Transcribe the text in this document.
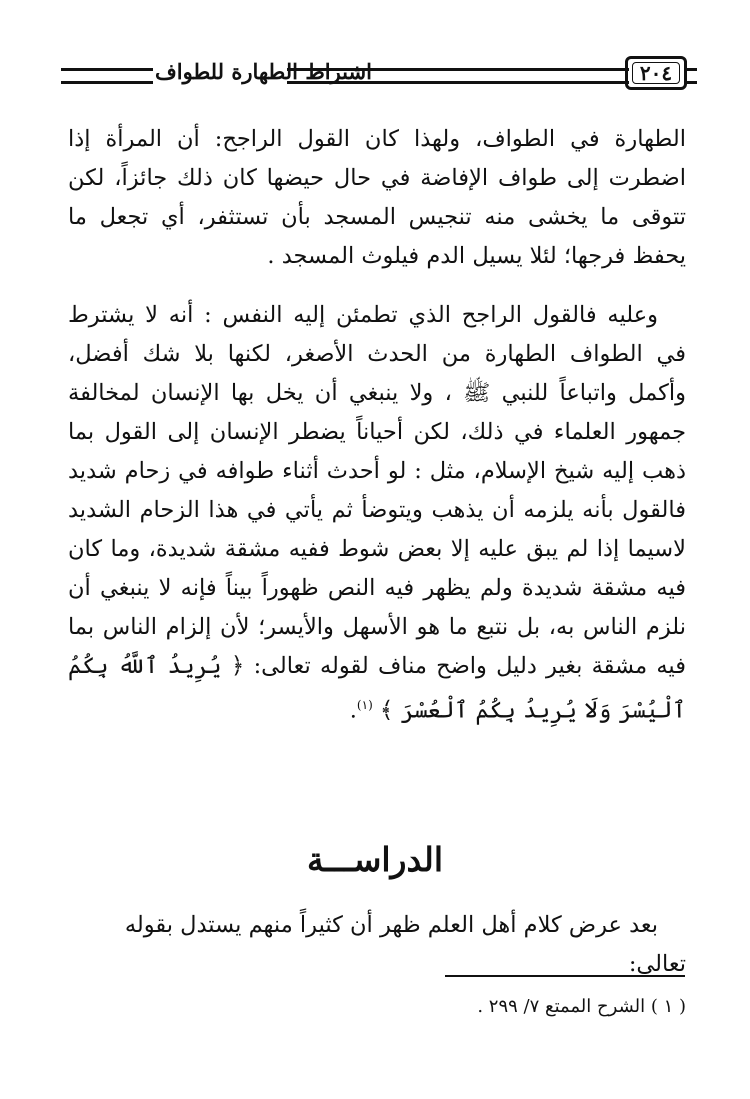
اشتراط الطهارة للطواف	٢٠٤

الطهارة في الطواف، ولهذا كان القول الراجح: أن المرأة إذا اضطرت إلى طواف الإفاضة في حال حيضها كان ذلك جائزاً، لكن تتوقى ما يخشى منه تنجيس المسجد بأن تستثفر، أي تجعل ما يحفظ فرجها؛ لئلا يسيل الدم فيلوث المسجد .

وعليه فالقول الراجح الذي تطمئن إليه النفس : أنه لا يشترط في الطواف الطهارة من الحدث الأصغر، لكنها بلا شك أفضل، وأكمل واتباعاً للنبي ﷺ ، ولا ينبغي أن يخل بها الإنسان لمخالفة جمهور العلماء في ذلك، لكن أحياناً يضطر الإنسان إلى القول بما ذهب إليه شيخ الإسلام، مثل : لو أحدث أثناء طوافه في زحام شديد فالقول بأنه يلزمه أن يذهب ويتوضأ ثم يأتي في هذا الزحام الشديد لاسيما إذا لم يبق عليه إلا بعض شوط ففيه مشقة شديدة، وما كان فيه مشقة شديدة ولم يظهر فيه النص ظهوراً بيناً فإنه لا ينبغي أن نلزم الناس به، بل نتبع ما هو الأسهل والأيسر؛ لأن إلزام الناس بما فيه مشقة بغير دليل واضح مناف لقوله تعالى: ﴿ يُرِيدُ ٱللَّهُ بِكُمُ ٱلْيُسْرَ وَلَا يُرِيدُ بِكُمُ ٱلْعُسْرَ ﴾ $^{(١)}$.

الدراســـة

بعد عرض كلام أهل العلم ظهر أن كثيراً منهم يستدل بقوله تعالى:

( ١ ) الشرح الممتع ٧/ ٢٩٩ .
